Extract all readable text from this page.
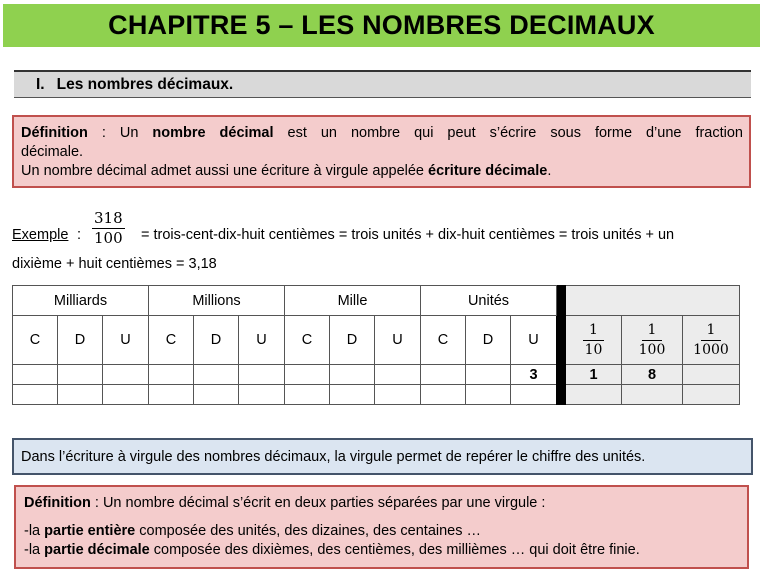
CHAPITRE 5 – LES NOMBRES DECIMAUX
I. Les nombres décimaux.

Définition : Un nombre décimal est un nombre qui peut s’écrire sous forme d’une fraction

décimale.

Un nombre décimal admet aussi une écriture à virgule appelée écriture décimale.

Exemple : $\frac{318}{100}$ = trois-cent-dix-huit centièmes = trois unités + dix-huit centièmes = trois unités + un
dixième + huit centièmes = 3,18
Milliards			Millions			Mille			Unités						
C	D	U	C	D	U	C	D	U	C	D	U		$\frac{1}{10}$	$\frac{1}{100}$	$\frac{1}{1000}$

											3		1	8	

Dans l’écriture à virgule des nombres décimaux, la virgule permet de repérer le chiffre des unités.

Définition : Un nombre décimal s’écrit en deux parties séparées par une virgule :

-la partie entière composée des unités, des dizaines, des centaines …

-la partie décimale composée des dixièmes, des centièmes, des millièmes … qui doit être finie.
